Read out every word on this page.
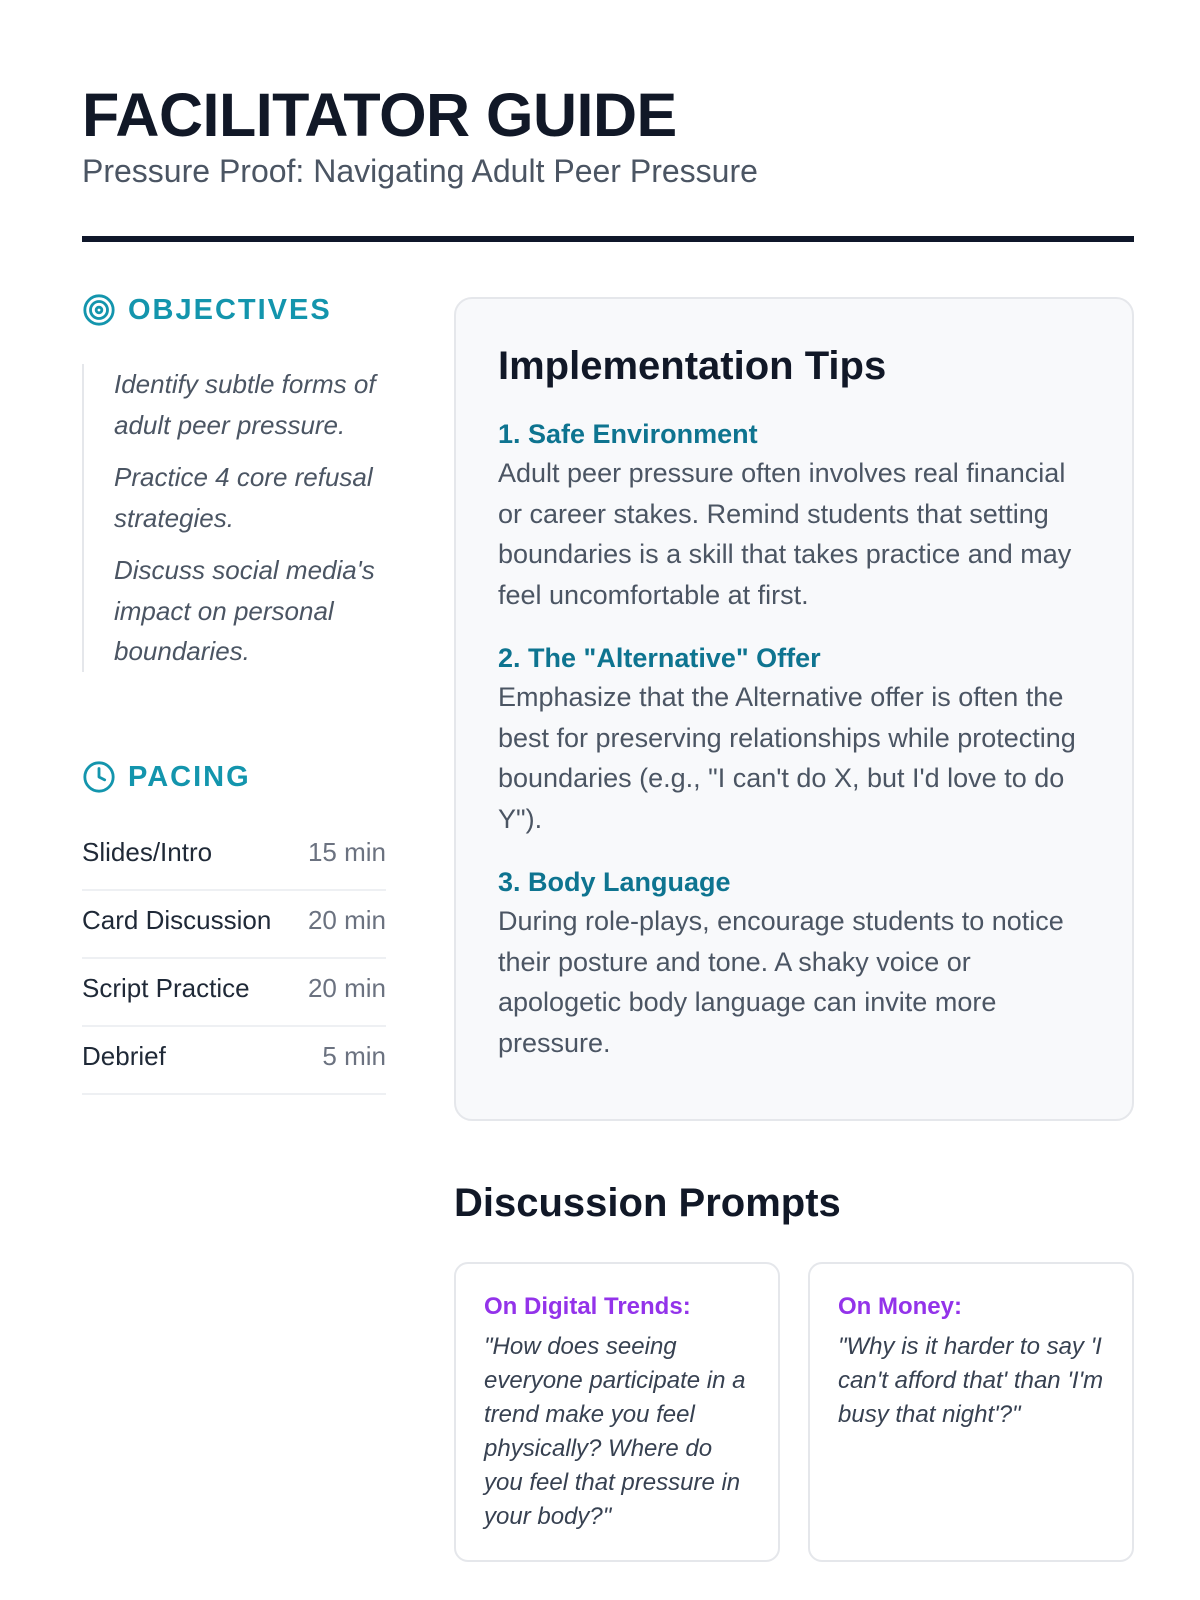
FACILITATOR GUIDE

Pressure Proof: Navigating Adult Peer Pressure

OBJECTIVES

Identify subtle forms of adult peer pressure.

Practice 4 core refusal strategies.

Discuss social media's impact on personal boundaries.

PACING
Slides/Intro	15 min
Card Discussion 20 min
Script Practice 20 min
Debrief	5 min
Implementation Tips

1. Safe Environment

Adult peer pressure often involves real financial or career stakes. Remind students that setting boundaries is a skill that takes practice and may feel uncomfortable at first.

2. The "Alternative" Offer

Emphasize that the Alternative offer is often the best for preserving relationships while protecting boundaries (e.g., "I can't do X, but I'd love to do Y").

3. Body Language

During role-plays, encourage students to notice their posture and tone. A shaky voice or apologetic body language can invite more pressure.

Discussion Prompts

On Digital Trends:

"How does seeing everyone participate in a trend make you feel physically? Where do you feel that pressure in your body?"

On Money:

"Why is it harder to say 'I can't afford that' than 'I'm busy that night'?"
